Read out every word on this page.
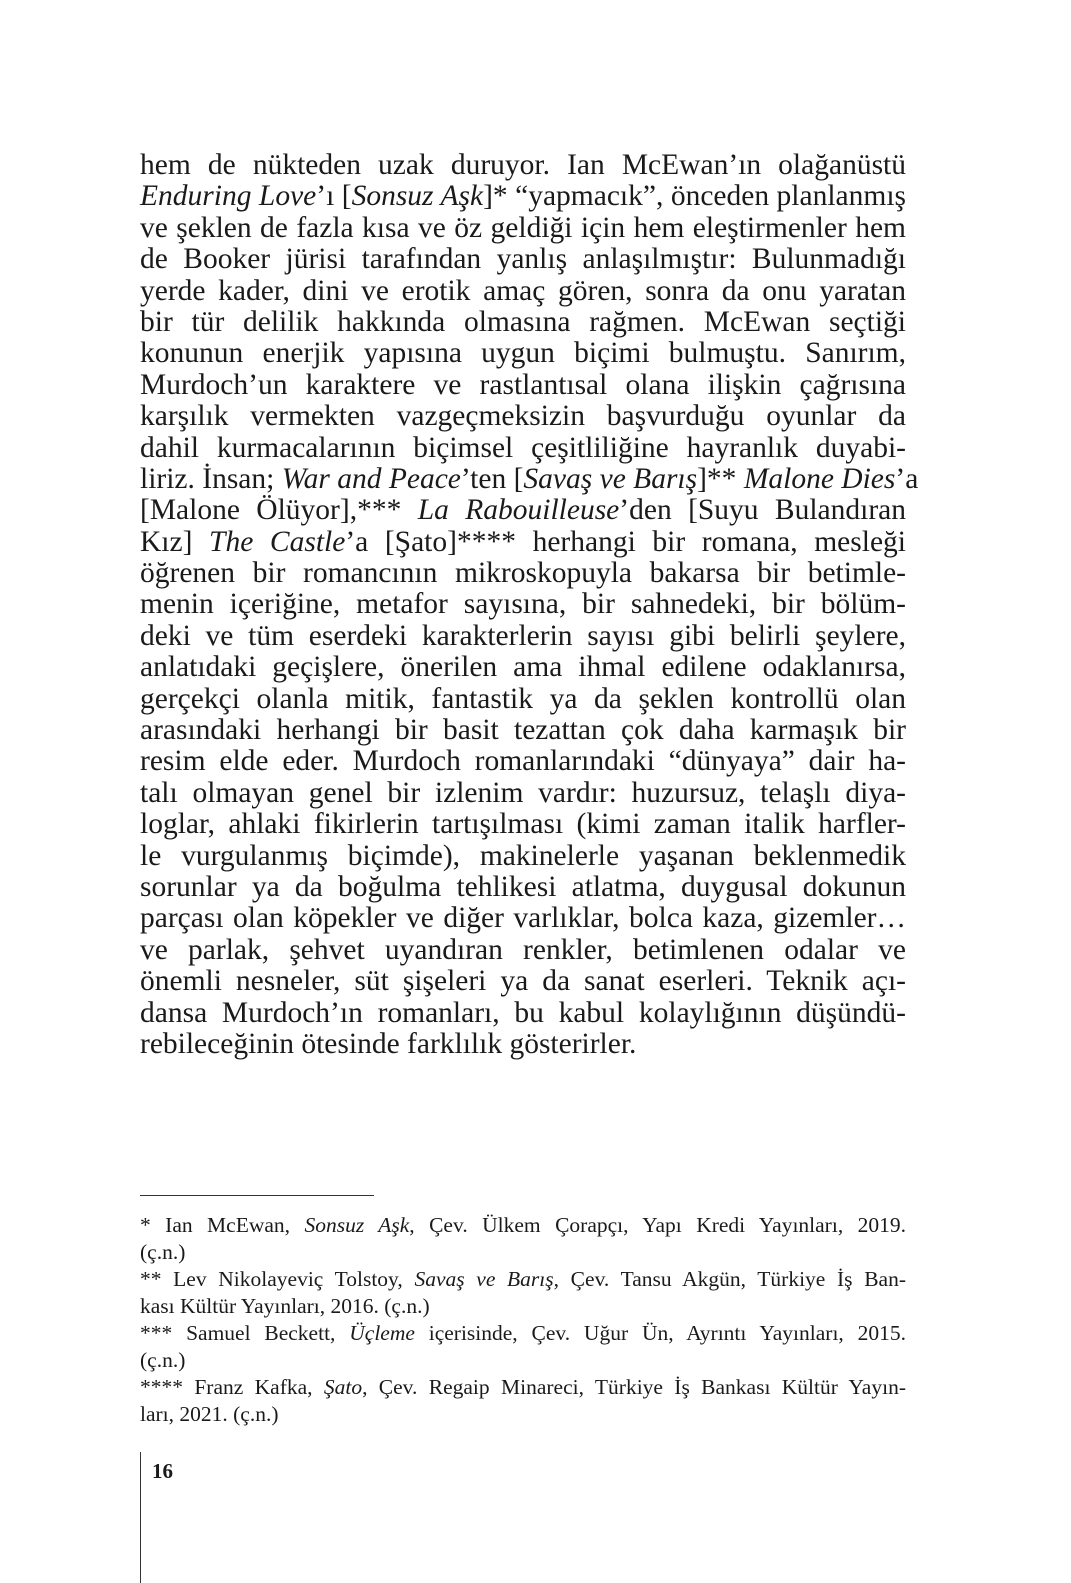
hem de nükteden uzak duruyor. Ian McEwan’ın olağanüstü
Enduring Love’ı [Sonsuz Aşk]* “yapmacık”, önceden planlanmış
ve şeklen de fazla kısa ve öz geldiği için hem eleştirmenler hem
de Booker jürisi tarafından yanlış anlaşılmıştır: Bulunmadığı
yerde kader, dini ve erotik amaç gören, sonra da onu yaratan
bir tür delilik hakkında olmasına rağmen. McEwan seçtiği
konunun enerjik yapısına uygun biçimi bulmuştu. Sanırım,
Murdoch’un karaktere ve rastlantısal olana ilişkin çağrısına
karşılık vermekten vazgeçmeksizin başvurduğu oyunlar da
dahil kurmacalarının biçimsel çeşitliliğine hayranlık duyabi-
liriz. İnsan; War and Peace’ten [Savaş ve Barış]** Malone Dies’a
[Malone Ölüyor],*** La Rabouilleuse’den [Suyu Bulandıran
Kız] The Castle’a [Şato]**** herhangi bir romana, mesleği
öğrenen bir romancının mikroskopuyla bakarsa bir betimle-
menin içeriğine, metafor sayısına, bir sahnedeki, bir bölüm-
deki ve tüm eserdeki karakterlerin sayısı gibi belirli şeylere,
anlatıdaki geçişlere, önerilen ama ihmal edilene odaklanırsa,
gerçekçi olanla mitik, fantastik ya da şeklen kontrollü olan
arasındaki herhangi bir basit tezattan çok daha karmaşık bir
resim elde eder. Murdoch romanlarındaki “dünyaya” dair ha-
talı olmayan genel bir izlenim vardır: huzursuz, telaşlı diya-
loglar, ahlaki fikirlerin tartışılması (kimi zaman italik harfler-
le vurgulanmış biçimde), makinelerle yaşanan beklenmedik
sorunlar ya da boğulma tehlikesi atlatma, duygusal dokunun
parçası olan köpekler ve diğer varlıklar, bolca kaza, gizemler…
ve parlak, şehvet uyandıran renkler, betimlenen odalar ve
önemli nesneler, süt şişeleri ya da sanat eserleri. Teknik açı-
dansa Murdoch’ın romanları, bu kabul kolaylığının düşündü-
rebileceğinin ötesinde farklılık gösterirler.
* Ian McEwan, Sonsuz Aşk, Çev. Ülkem Çorapçı, Yapı Kredi Yayınları, 2019.
(ç.n.)
** Lev Nikolayeviç Tolstoy, Savaş ve Barış, Çev. Tansu Akgün, Türkiye İş Ban-
kası Kültür Yayınları, 2016. (ç.n.)
*** Samuel Beckett, Üçleme içerisinde, Çev. Uğur Ün, Ayrıntı Yayınları, 2015.
(ç.n.)
**** Franz Kafka, Şato, Çev. Regaip Minareci, Türkiye İş Bankası Kültür Yayın-
ları, 2021. (ç.n.)
16
